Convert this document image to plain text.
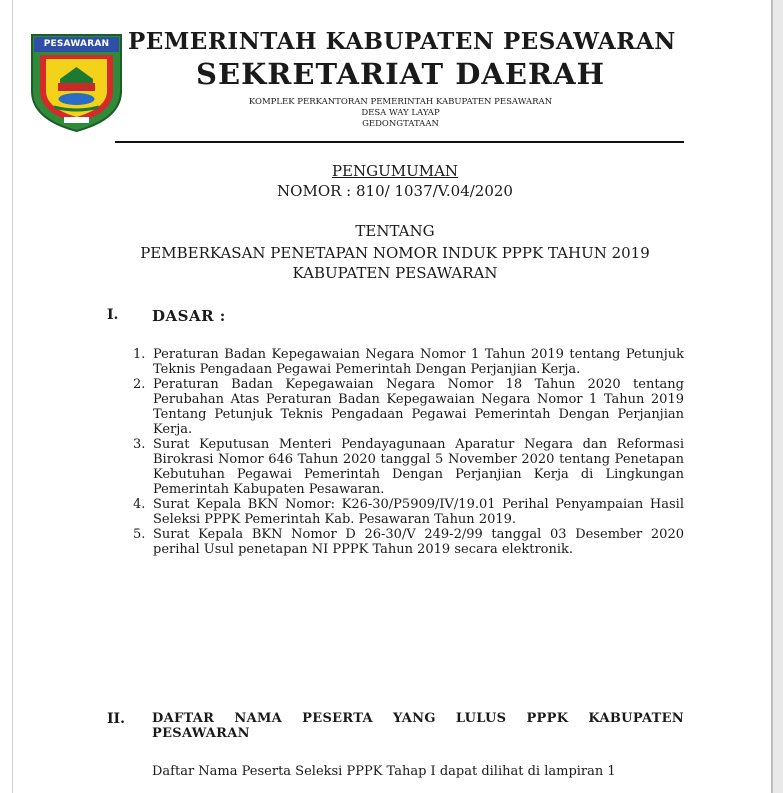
PESAWARAN PEMERINTAH KABUPATEN PESAWARAN
SEKRETARIAT DAERAH
KOMPLEK PERKANTORAN PEMERINTAH KABUPATEN PESAWARAN
DESA WAY LAYAP
GEDONGTATAAN
PENGUMUMAN
NOMOR : 810/ 1037/V.04/2020
TENTANG
PEMBERKASAN PENETAPAN NOMOR INDUK PPPK TAHUN 2019
KABUPATEN PESAWARAN
I. DASAR :
1. Peraturan Badan Kepegawaian Negara Nomor 1 Tahun 2019 tentang Petunjuk Teknis Pengadaan Pegawai Pemerintah Dengan Perjanjian Kerja.
2. Peraturan Badan Kepegawaian Negara Nomor 18 Tahun 2020 tentang Perubahan Atas Peraturan Badan Kepegawaian Negara Nomor 1 Tahun 2019 Tentang Petunjuk Teknis Pengadaan Pegawai Pemerintah Dengan Perjanjian Kerja.
3. Surat Keputusan Menteri Pendayagunaan Aparatur Negara dan Reformasi Birokrasi Nomor 646 Tahun 2020 tanggal 5 November 2020 tentang Penetapan Kebutuhan Pegawai Pemerintah Dengan Perjanjian Kerja di Lingkungan Pemerintah Kabupaten Pesawaran.
4. Surat Kepala BKN Nomor: K26-30/P5909/IV/19.01 Perihal Penyampaian Hasil Seleksi PPPK Pemerintah Kab. Pesawaran Tahun 2019.
5. Surat Kepala BKN Nomor D 26-30/V 249-2/99 tanggal 03 Desember 2020 perihal Usul penetapan NI PPPK Tahun 2019 secara elektronik.
II. DAFTAR NAMA PESERTA YANG LULUS PPPK KABUPATEN PESAWARAN
Daftar Nama Peserta Seleksi PPPK Tahap I dapat dilihat di lampiran 1
